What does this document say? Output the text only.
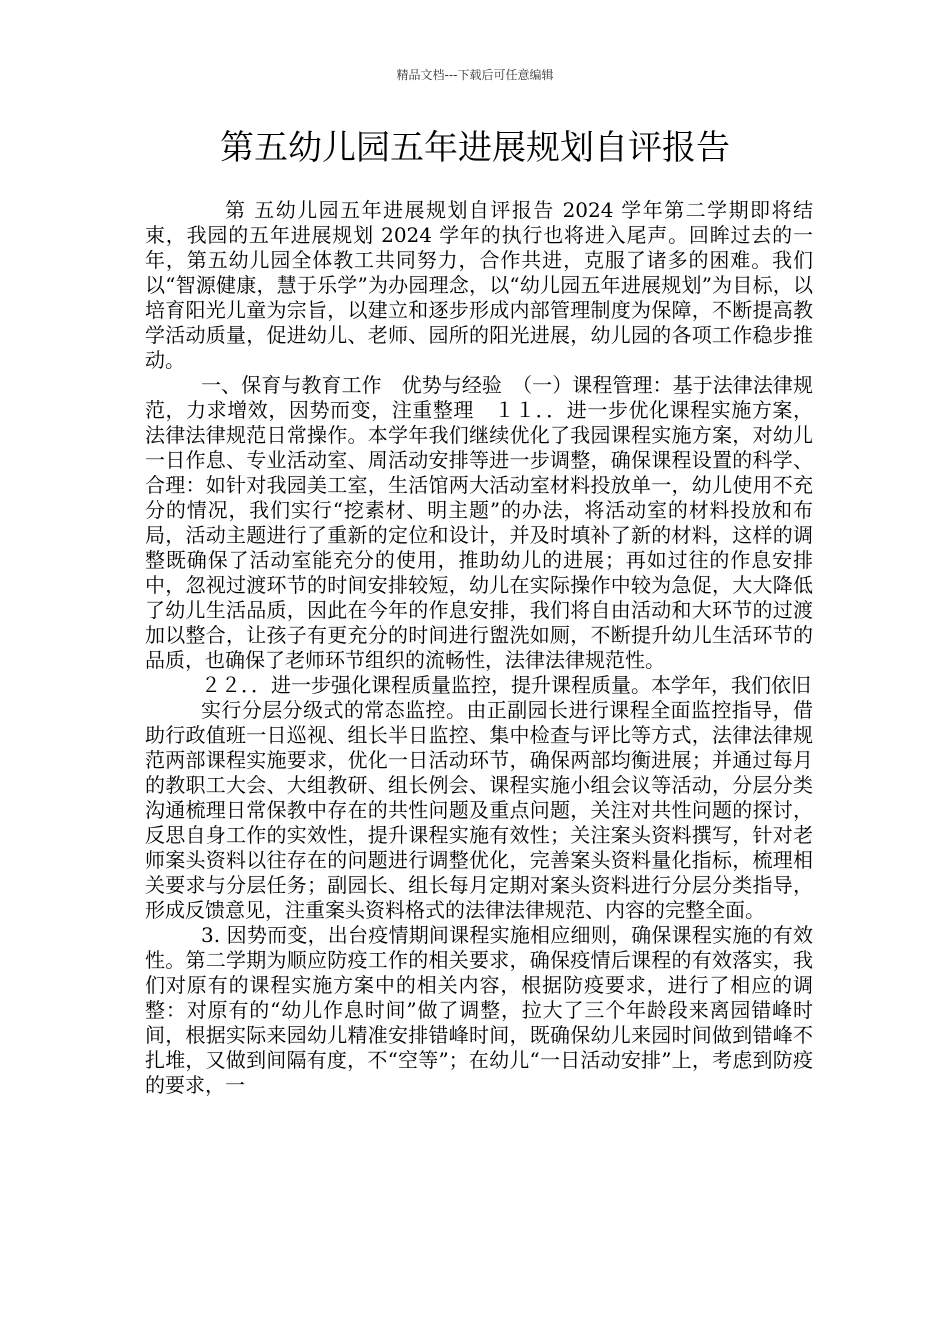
精品文档---下载后可任意编辑
第五幼儿园五年进展规划自评报告

第 五幼儿园五年进展规划自评报告 2024 学年第二学期即将结束，我园的五年进展规划 2024 学年的执行也将进入尾声。回眸过去的一年，第五幼儿园全体教工共同努力，合作共进，克服了诸多的困难。我们以“智源健康，慧于乐学”为办园理念，以“幼儿园五年进展规划”为目标，以培育阳光儿童为宗旨，以建立和逐步形成内部管理制度为保障，不断提高教学活动质量，促进幼儿、老师、园所的阳光进展，幼儿园的各项工作稳步推动。

一、保育与教育工作　优势与经验　（一）课程管理：基于法律法律规范，力求增效，因势而变，注重整理　１１．．进一步优化课程实施方案，法律法律规范日常操作。本学年我们继续优化了我园课程实施方案，对幼儿一日作息、专业活动室、周活动安排等进一步调整，确保课程设置的科学、合理：如针对我园美工室，生活馆两大活动室材料投放单一，幼儿使用不充分的情况，我们实行“挖素材、明主题”的办法，将活动室的材料投放和布局，活动主题进行了重新的定位和设计，并及时填补了新的材料，这样的调整既确保了活动室能充分的使用，推助幼儿的进展；再如过往的作息安排中，忽视过渡环节的时间安排较短，幼儿在实际操作中较为急促，大大降低了幼儿生活品质，因此在今年的作息安排，我们将自由活动和大环节的过渡加以整合，让孩子有更充分的时间进行盥洗如厕，不断提升幼儿生活环节的品质，也确保了老师环节组织的流畅性，法律法律规范性。

２２．．进一步强化课程质量监控，提升课程质量。本学年，我们依旧

实行分层分级式的常态监控。由正副园长进行课程全面监控指导，借助行政值班一日巡视、组长半日监控、集中检查与评比等方式，法律法律规范两部课程实施要求，优化一日活动环节，确保两部均衡进展；并通过每月的教职工大会、大组教研、组长例会、课程实施小组会议等活动，分层分类沟通梳理日常保教中存在的共性问题及重点问题，关注对共性问题的探讨，反思自身工作的实效性，提升课程实施有效性；关注案头资料撰写，针对老师案头资料以往存在的问题进行调整优化，完善案头资料量化指标，梳理相关要求与分层任务；副园长、组长每月定期对案头资料进行分层分类指导，形成反馈意见，注重案头资料格式的法律法律规范、内容的完整全面。

3. 因势而变，出台疫情期间课程实施相应细则，确保课程实施的有效性。第二学期为顺应防疫工作的相关要求，确保疫情后课程的有效落实，我们对原有的课程实施方案中的相关内容，根据防疫要求，进行了相应的调整：对原有的“幼儿作息时间”做了调整，拉大了三个年龄段来离园错峰时间，根据实际来园幼儿精准安排错峰时间，既确保幼儿来园时间做到错峰不扎堆，又做到间隔有度，不“空等”；在幼儿“一日活动安排”上，考虑到防疫的要求，一
